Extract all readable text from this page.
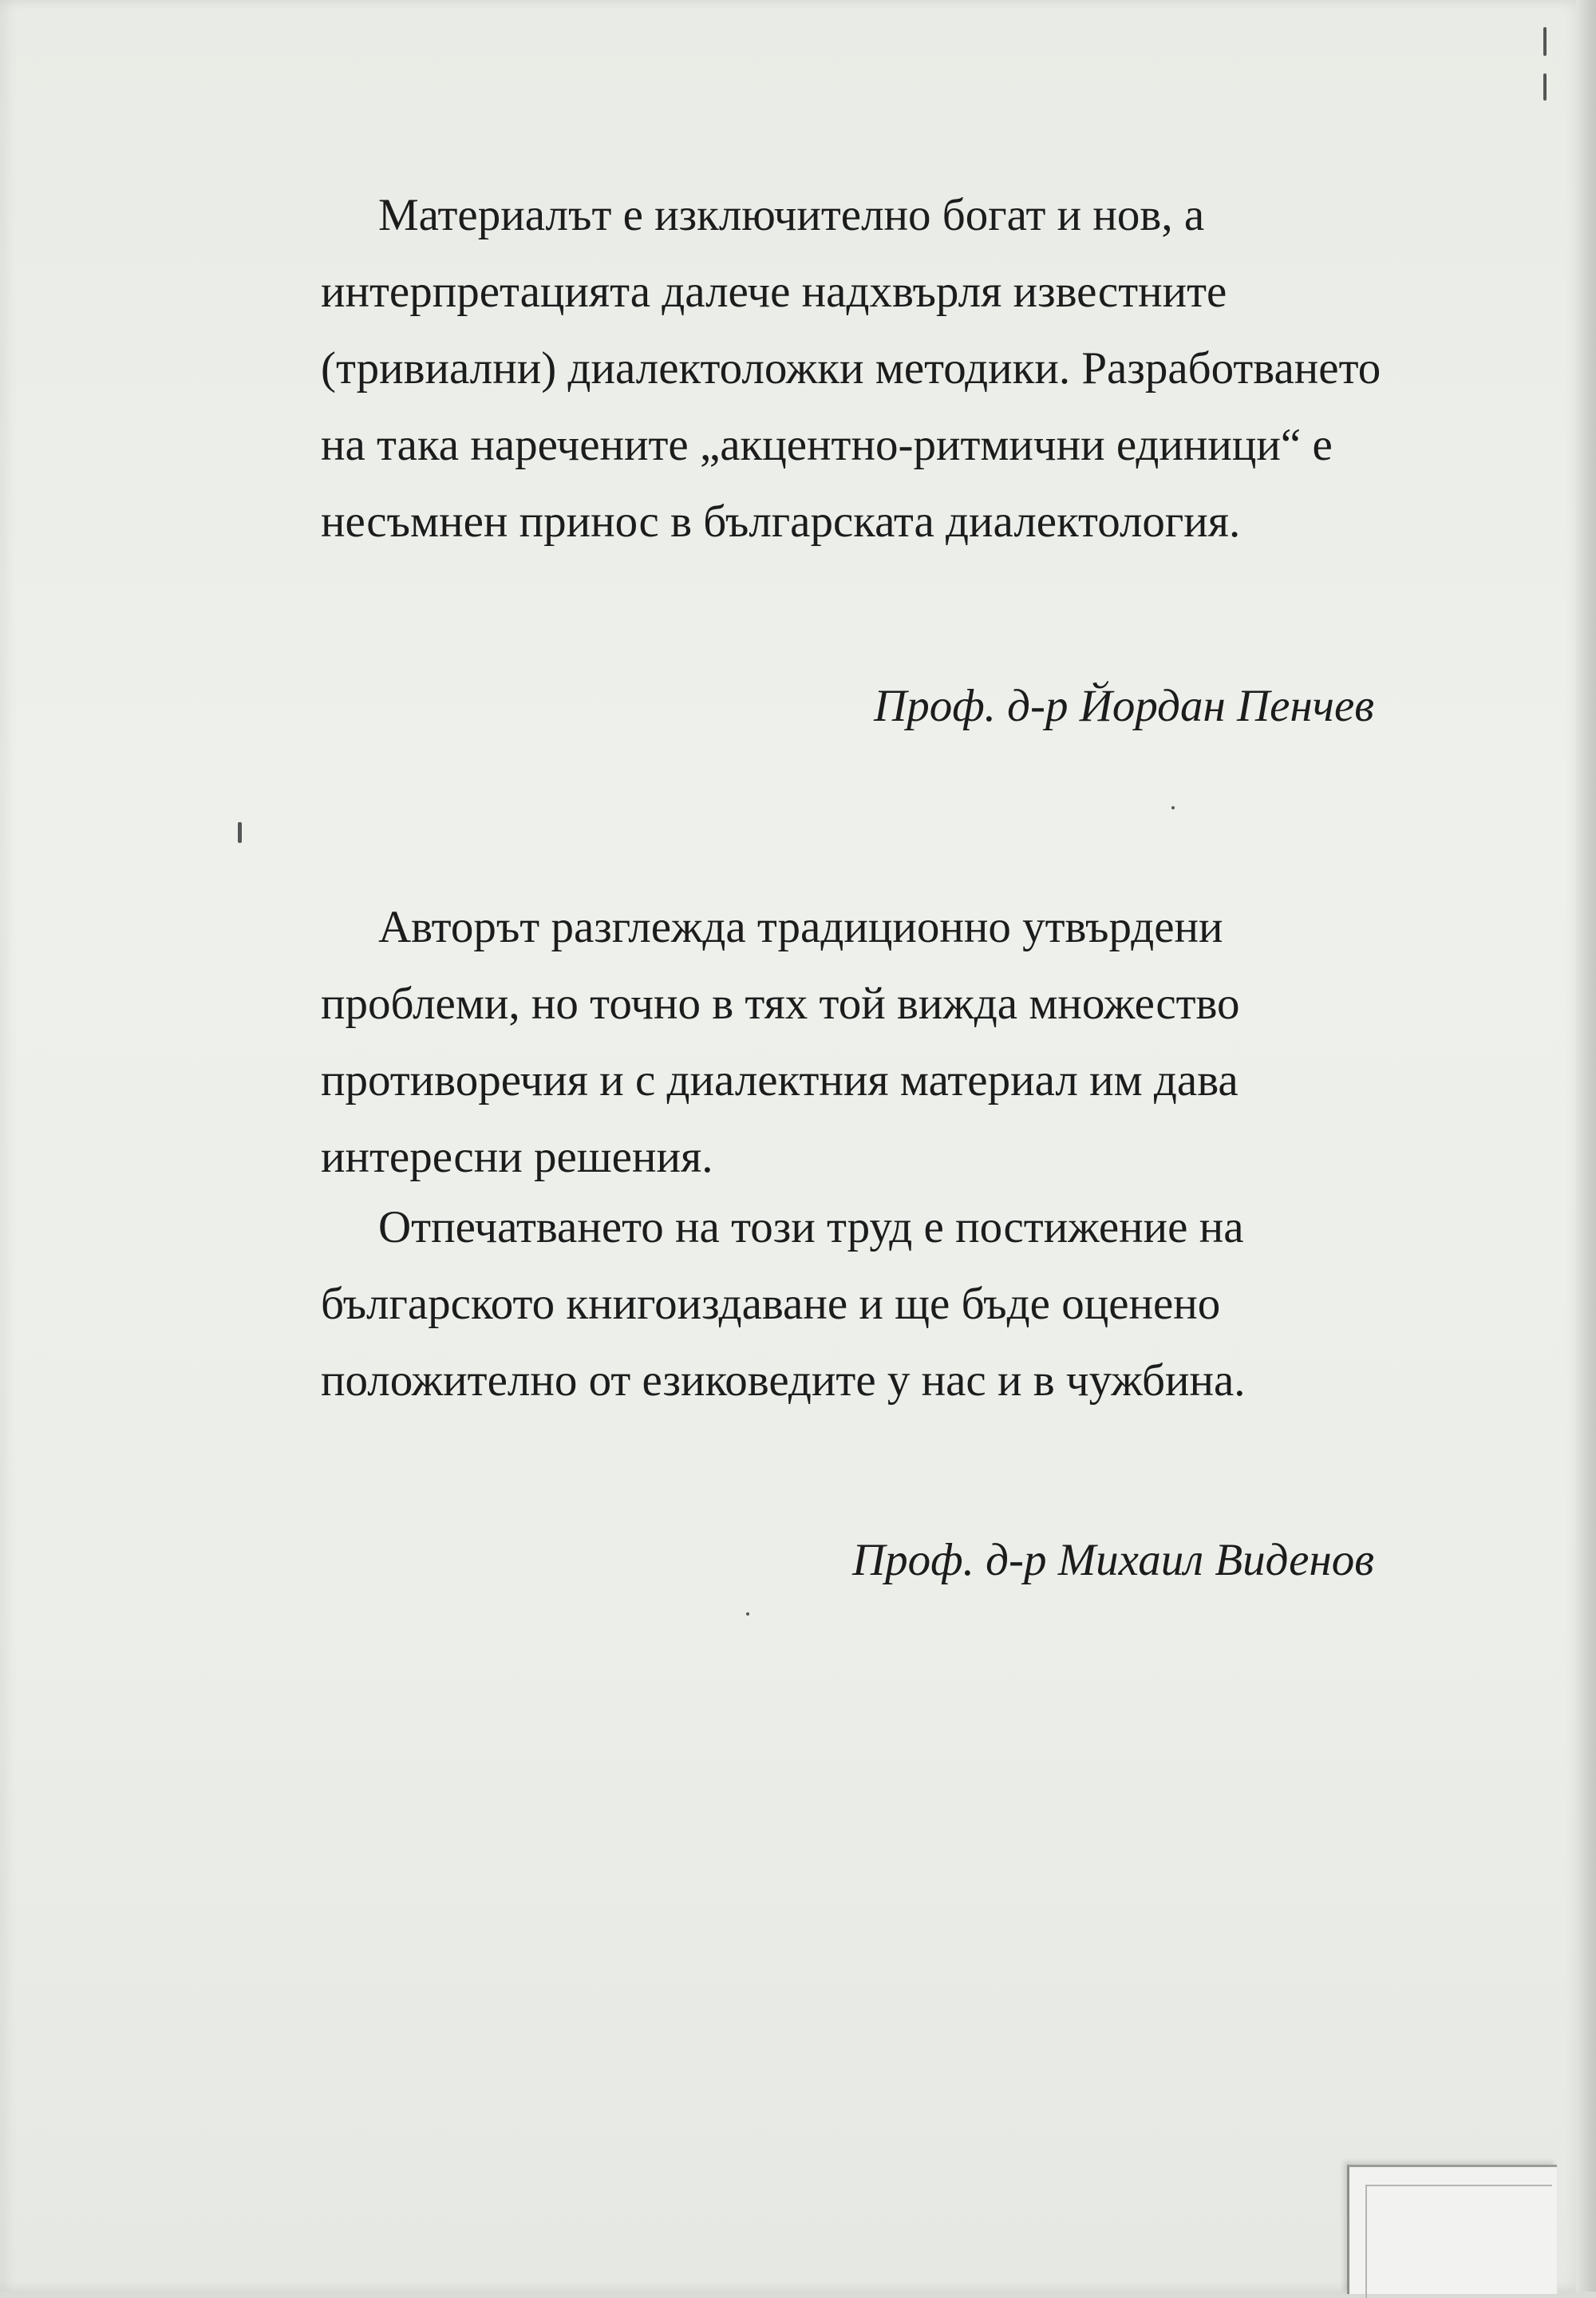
Материалът е изключително богат и нов, а интерпретацията далече надхвърля известните (тривиални) диалектоложки методики. Разработването на така наречените „акцентно-ритмични единици“ е несъмнен принос в българската диалектология.

Проф. д-р Йордан Пенчев

Авторът разглежда традиционно утвърдени проблеми, но точно в тях той вижда множество противоречия и с диалектния материал им дава интересни решения.

Отпечатването на този труд е постижение на българското книгоиздаване и ще бъде оценено положително от езиковедите у нас и в чужбина.

Проф. д-р Михаил Виденов
